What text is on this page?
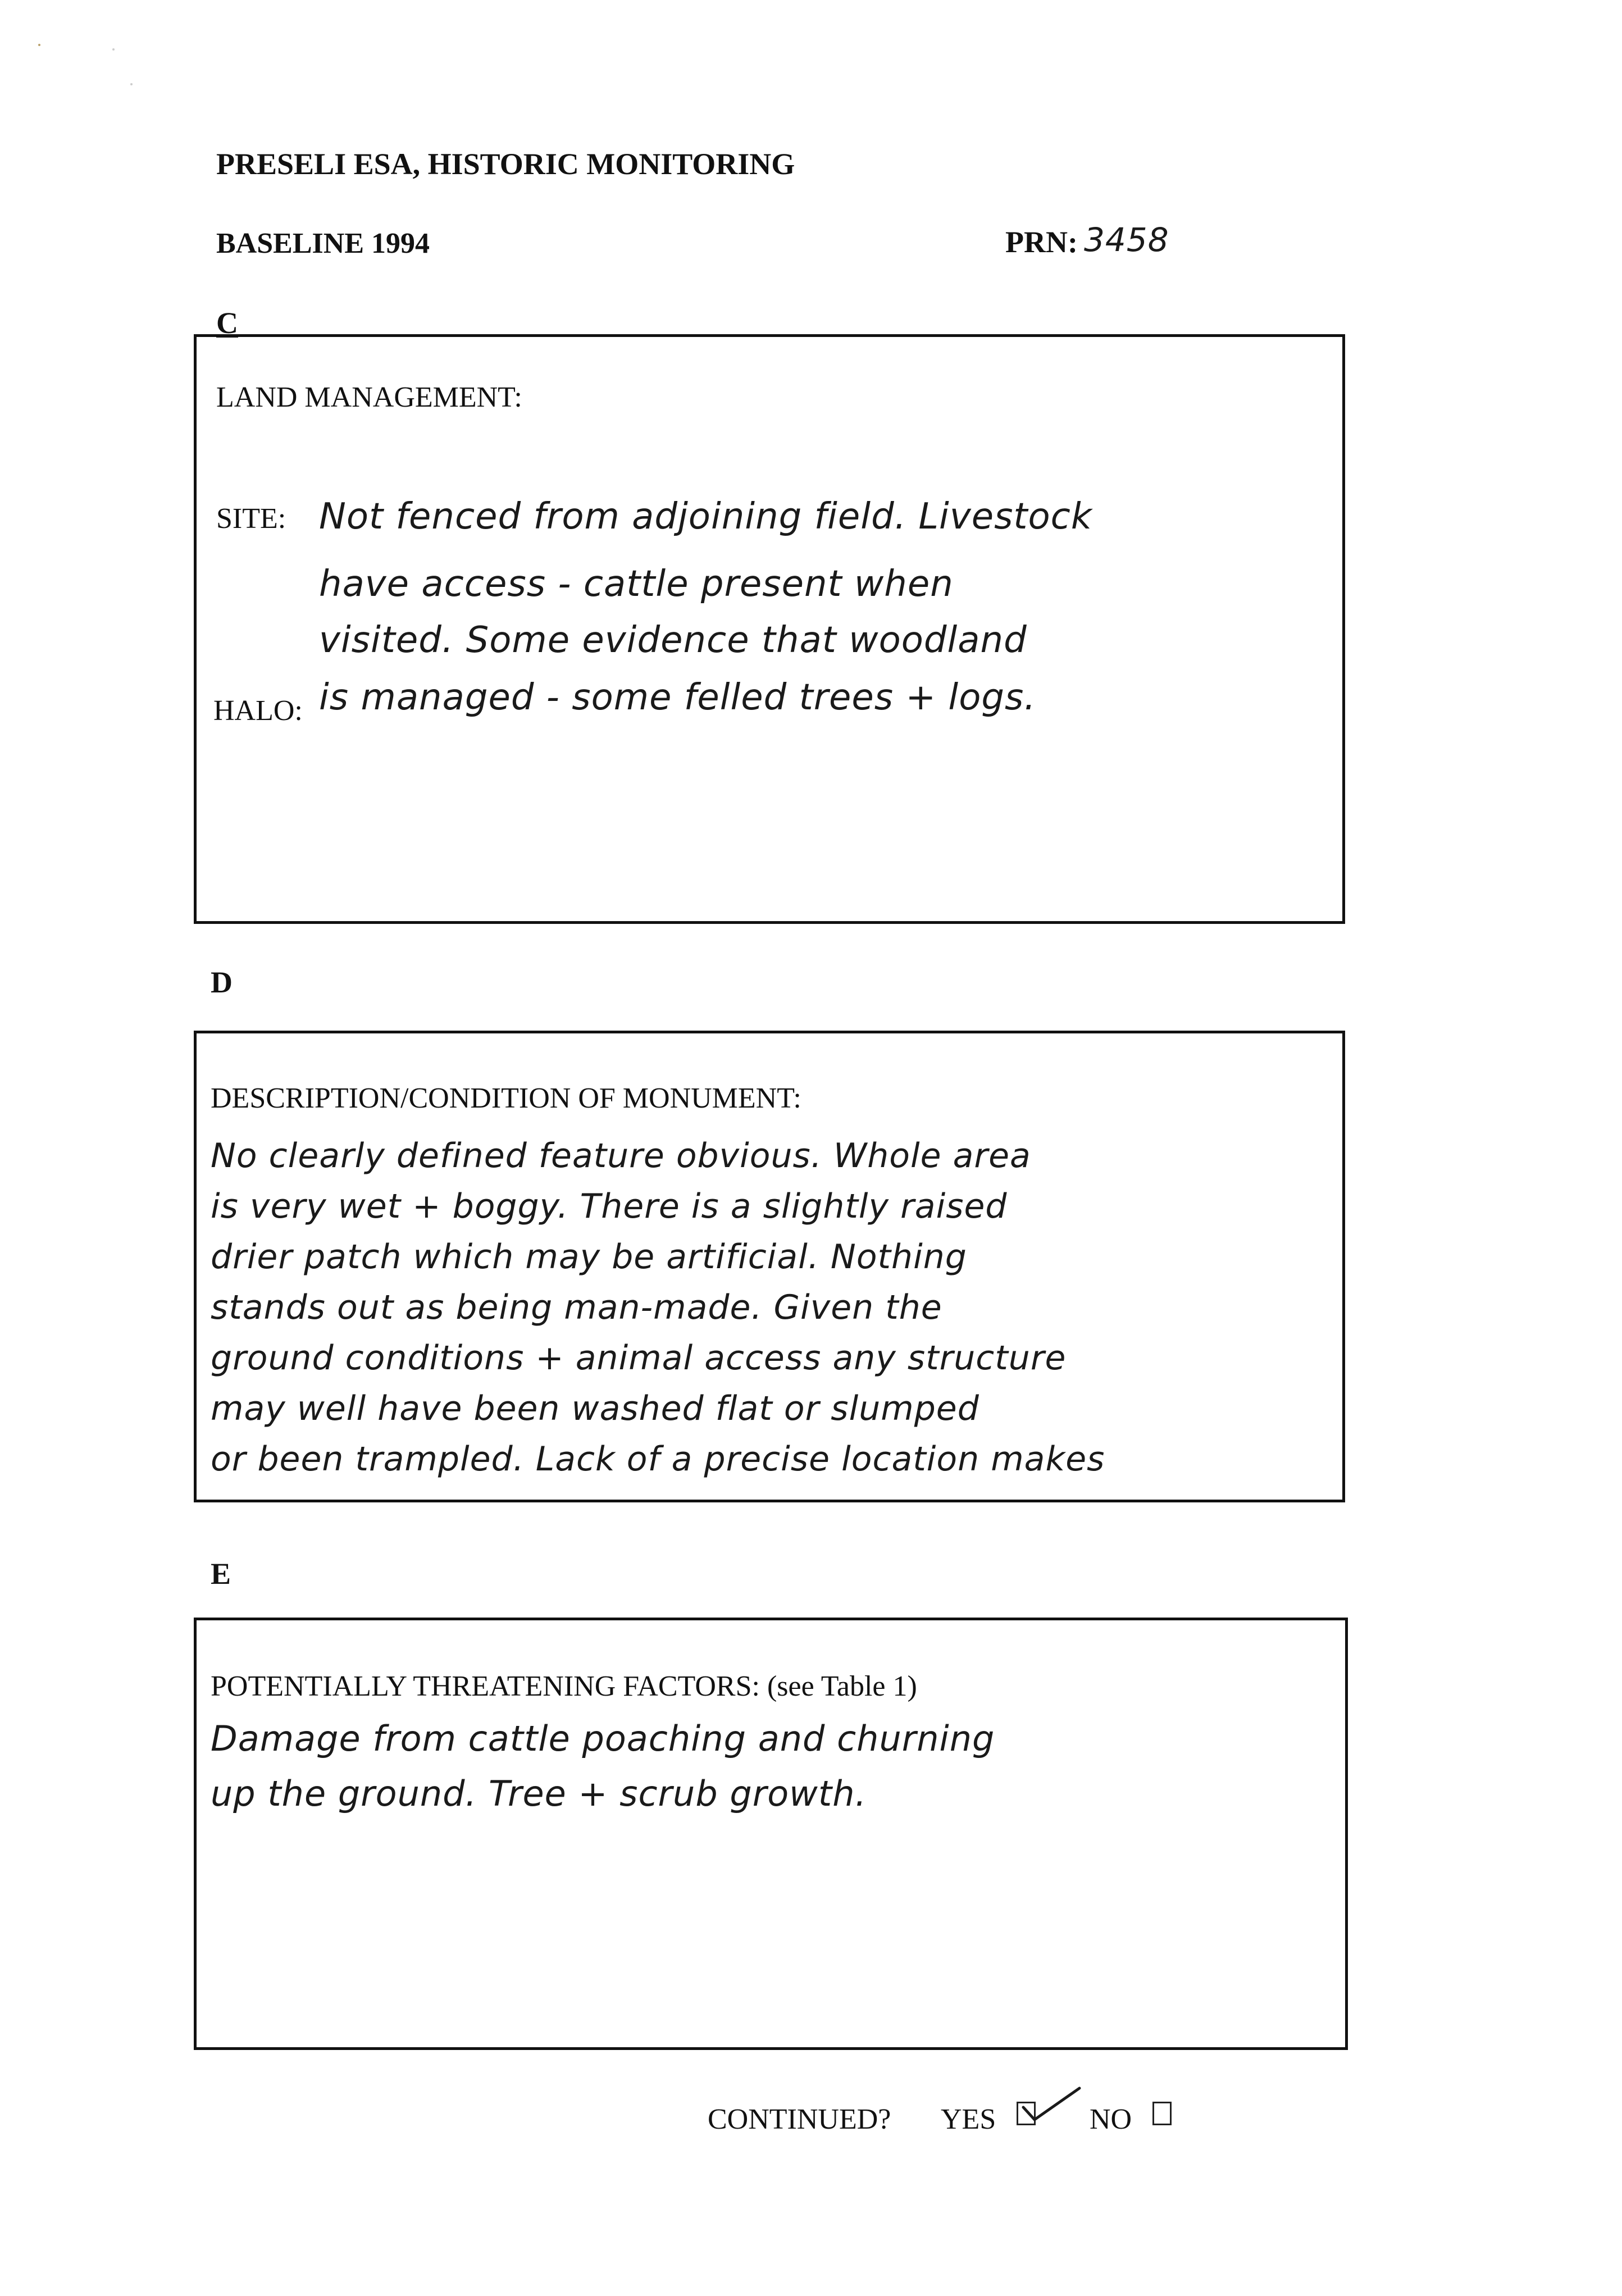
PRESELI ESA, HISTORIC MONITORING
BASELINE 1994	PRN: 3458
C
LAND MANAGEMENT:
SITE:
HALO:
Not fenced from adjoining field. Livestock
have access - cattle present when
visited. Some evidence that woodland
is managed - some felled trees + logs.
D
DESCRIPTION/CONDITION OF MONUMENT:
No clearly defined feature obvious. Whole area
is very wet + boggy. There is a slightly raised
drier patch which may be artificial. Nothing
stands out as being man-made. Given the
ground conditions + animal access any structure
may well have been washed flat or slumped
or been trampled. Lack of a precise location makes
E
POTENTIALLY THREATENING FACTORS: (see Table 1)
Damage from cattle poaching and churning
up the ground. Tree + scrub growth.
CONTINUED? YES	NO
